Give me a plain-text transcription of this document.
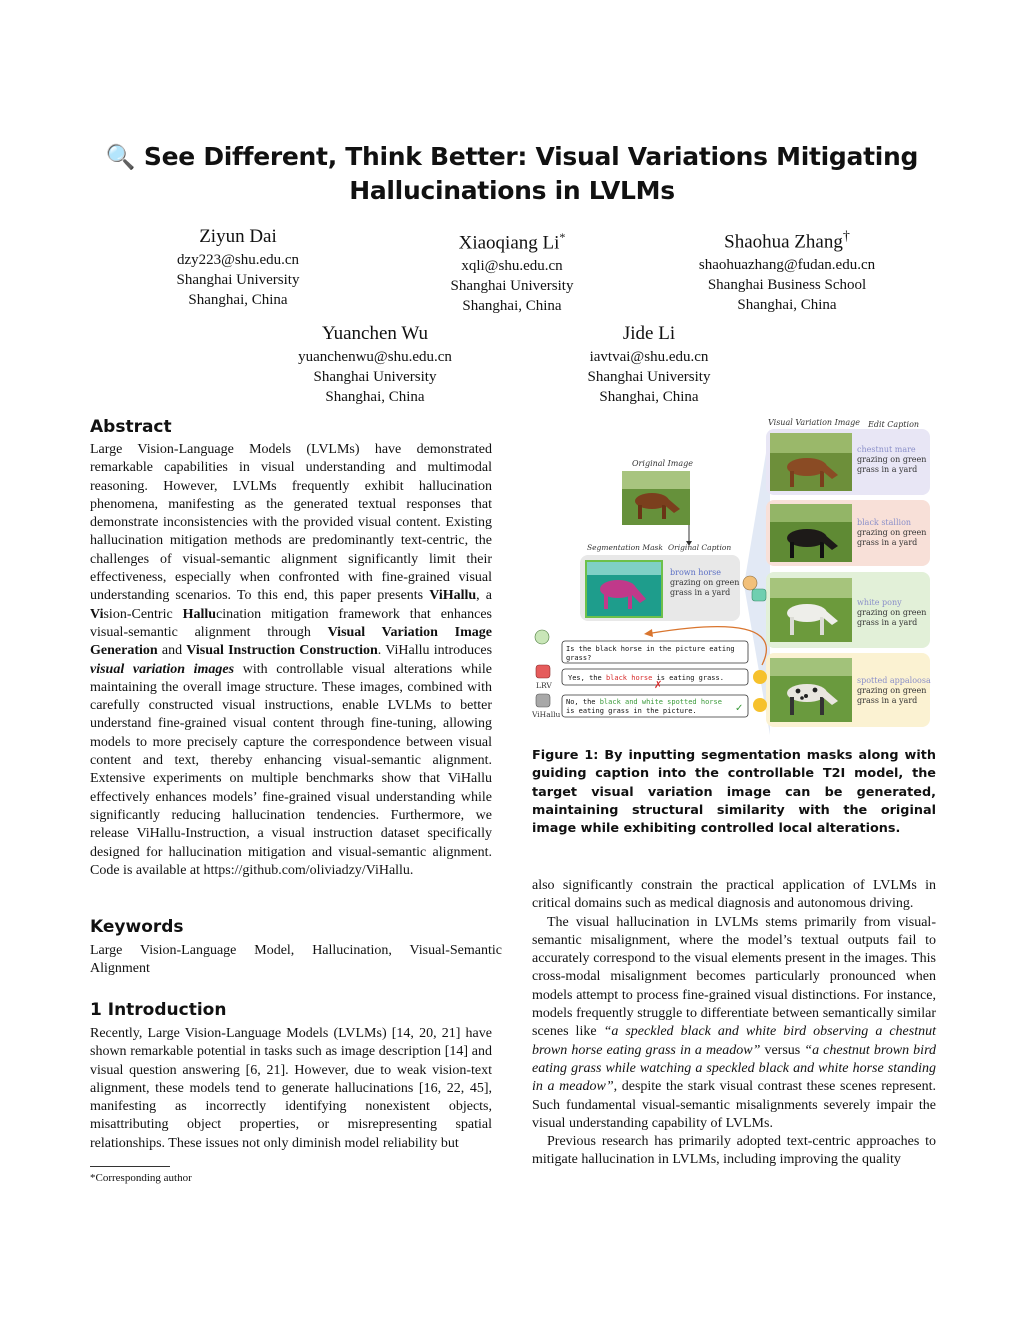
🔍 See Different, Think Better: Visual Variations Mitigating
Hallucinations in LVLMs
Ziyun Dai
dzy223@shu.edu.cn
Shanghai University
Shanghai, China
Xiaoqiang Li*
xqli@shu.edu.cn
Shanghai University
Shanghai, China
Shaohua Zhang†
shaohuazhang@fudan.edu.cn
Shanghai Business School
Shanghai, China
Yuanchen Wu
yuanchenwu@shu.edu.cn
Shanghai University
Shanghai, China
Jide Li
iavtvai@shu.edu.cn
Shanghai University
Shanghai, China
Abstract

Large Vision-Language Models (LVLMs) have demonstrated remarkable capabilities in visual understanding and multimodal reasoning. However, LVLMs frequently exhibit hallucination phenomena, manifesting as the generated textual responses that demonstrate inconsistencies with the provided visual content. Existing hallucination mitigation methods are predominantly text-centric, the challenges of visual-semantic alignment significantly limit their effectiveness, especially when confronted with fine-grained visual understanding scenarios. To this end, this paper presents ViHallu, a Vision-Centric Hallucination mitigation framework that enhances visual-semantic alignment through Visual Variation Image Generation and Visual Instruction Construction. ViHallu introduces visual variation images with controllable visual alterations while maintaining the overall image structure. These images, combined with carefully constructed visual instructions, enable LVLMs to better understand fine-grained visual content through fine-tuning, allowing models to more precisely capture the correspondence between visual content and text, thereby enhancing visual-semantic alignment. Extensive experiments on multiple benchmarks show that ViHallu effectively enhances models’ fine-grained visual understanding while significantly reducing hallucination tendencies. Furthermore, we release ViHallu-Instruction, a visual instruction dataset specifically designed for hallucination mitigation and visual-semantic alignment. Code is available at https://github.com/oliviadzy/ViHallu.

Keywords
Large Vision-Language Model, Hallucination, Visual-Semantic Alignment
1 Introduction
Recently, Large Vision-Language Models (LVLMs) [14, 20, 21] have shown remarkable potential in tasks such as image description [14] and visual question answering [6, 21]. However, due to weak vision-text alignment, these models tend to generate hallucinations [16, 22, 45], manifesting as incorrectly identifying nonexistent objects, misattributing object properties, or misrepresenting spatial relationships. These issues not only diminish model reliability but
*Corresponding author
Visual Variation Image Edit Caption
chestnut mare
grazing on green
grass in a yard
black stallion
grazing on green
grass in a yard
white pony
grazing on green
grass in a yard
spotted appaloosa
grazing on green
grass in a yard
Original Image
Segmentation Mask Original Caption
brown horse
grazing on green
grass in a yard
Is the black horse in the picture eating
grass?
LRV
Yes, the black horse is eating grass.
✗
ViHallu
No, the black and white spotted horse
is eating grass in the picture.	✓
Figure 1: By inputting segmentation masks along with guiding caption into the controllable T2I model, the target visual variation image can be generated, maintaining structural similarity with the original image while exhibiting controlled local alterations.

also significantly constrain the practical application of LVLMs in critical domains such as medical diagnosis and autonomous driving.

The visual hallucination in LVLMs stems primarily from visual-semantic misalignment, where the model’s textual outputs fail to accurately correspond to the visual elements present in the images. This cross-modal misalignment becomes particularly pronounced when models attempt to process fine-grained visual distinctions. For instance, models frequently struggle to differentiate between semantically similar scenes like “a speckled black and white bird observing a chestnut brown horse eating grass in a meadow” versus “a chestnut brown bird eating grass while watching a speckled black and white horse standing in a meadow”, despite the stark visual contrast these scenes represent. Such fundamental visual-semantic misalignments severely impair the visual understanding capability of LVLMs.

Previous research has primarily adopted text-centric approaches to mitigate hallucination in LVLMs, including improving the quality
